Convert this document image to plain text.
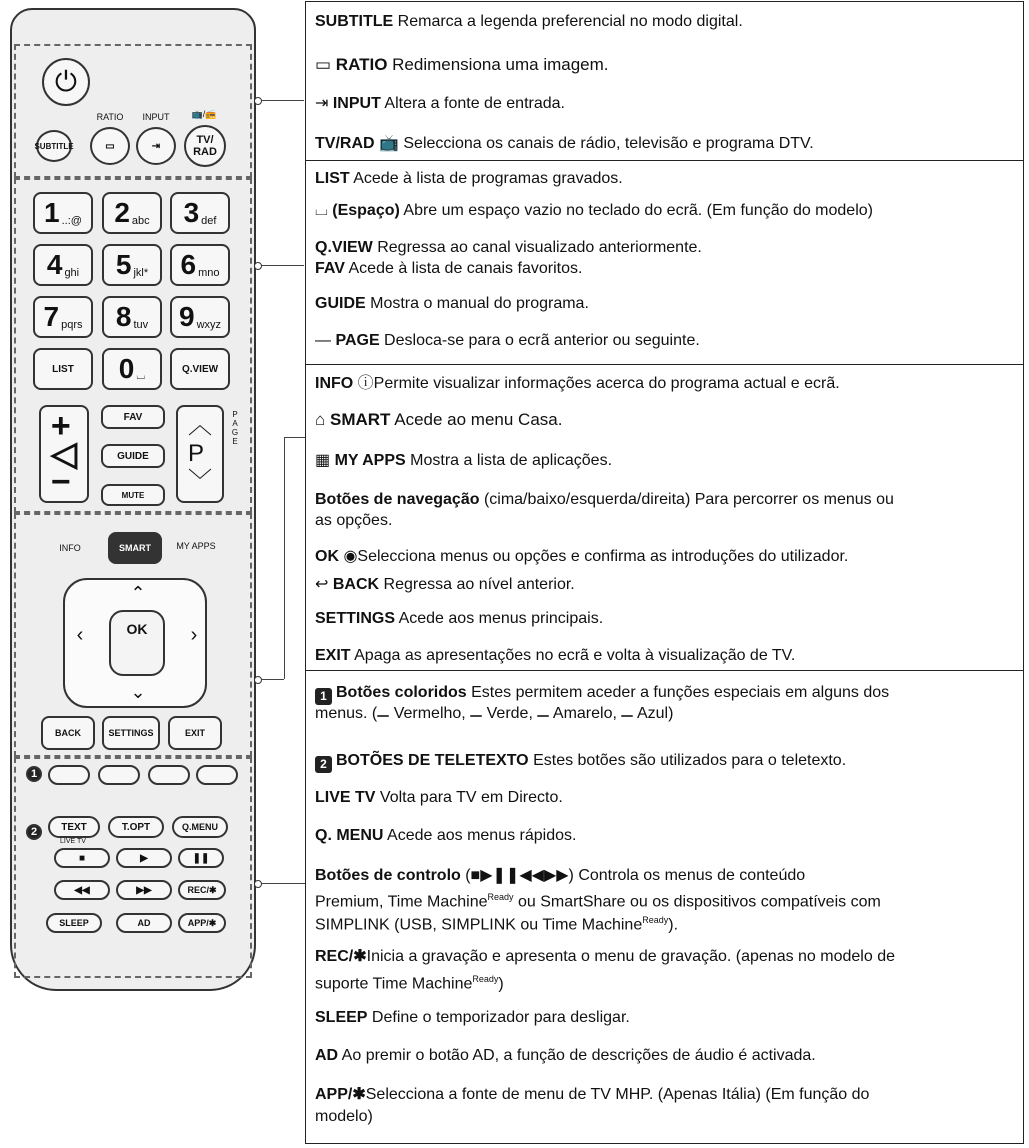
⏻
RATIO	INPUT	📺/📻
SUBTITLE	▭	⇥	TV/
RAD
1 ..:@ 2 abc 3 def
4 ghi 5 jkl* 6 mno
7 pqrs 8 tuv 9 wxyz
LIST	0 ⌴
Q.VIEW
+
◁
−
FAV
GUIDE
MUTE
︿
P
﹀
PAGE
INFO	SMART	MY APPS
⌃
⌄
‹	›
OK
BACK	SETTINGS	EXIT
1
2	TEXT	T.OPT	Q.MENU
LIVE TV
■	▶	❚❚
◀◀	▶▶	REC/✱
SLEEP	AD	APP/✱
SUBTITLE Remarca a legenda preferencial no modo digital.
▭ RATIO Redimensiona uma imagem.
⇥ INPUT Altera a fonte de entrada.
TV/RAD 📺 Selecciona os canais de rádio, televisão e programa DTV.
LIST Acede à lista de programas gravados.
⌴ (Espaço) Abre um espaço vazio no teclado do ecrã. (Em função do modelo)
Q.VIEW Regressa ao canal visualizado anteriormente.
FAV Acede à lista de canais favoritos.
GUIDE Mostra o manual do programa.
— PAGE Desloca-se para o ecrã anterior ou seguinte.
INFO ⓘPermite visualizar informações acerca do programa actual e ecrã.
⌂ SMART Acede ao menu Casa.
▦ MY APPS Mostra a lista de aplicações.
Botões de navegação (cima/baixo/esquerda/direita) Para percorrer os menus ou
as opções.
OK ◉Selecciona menus ou opções e confirma as introduções do utilizador.
↩ BACK Regressa ao nível anterior.
SETTINGS Acede aos menus principais.
EXIT Apaga as apresentações no ecrã e volta à visualização de TV.
1 Botões coloridos Estes permitem aceder a funções especiais em alguns dos
menus. ( Vermelho,  Verde,  Amarelo,  Azul)
2 BOTÕES DE TELETEXTO Estes botões são utilizados para o teletexto.
LIVE TV Volta para TV em Directo.
Q. MENU Acede aos menus rápidos.
Botões de controlo (■▶❚❚◀◀▶▶) Controla os menus de conteúdo
Premium, Time Machine$^{Ready}$ ou SmartShare ou os dispositivos compatíveis com
SIMPLINK (USB, SIMPLINK ou Time Machine$^{Ready}$).
REC/✱Inicia a gravação e apresenta o menu de gravação. (apenas no modelo de
suporte Time Machine$^{Ready}$)
SLEEP Define o temporizador para desligar.
AD Ao premir o botão AD, a função de descrições de áudio é activada.
APP/✱Selecciona a fonte de menu de TV MHP. (Apenas Itália) (Em função do
modelo)
